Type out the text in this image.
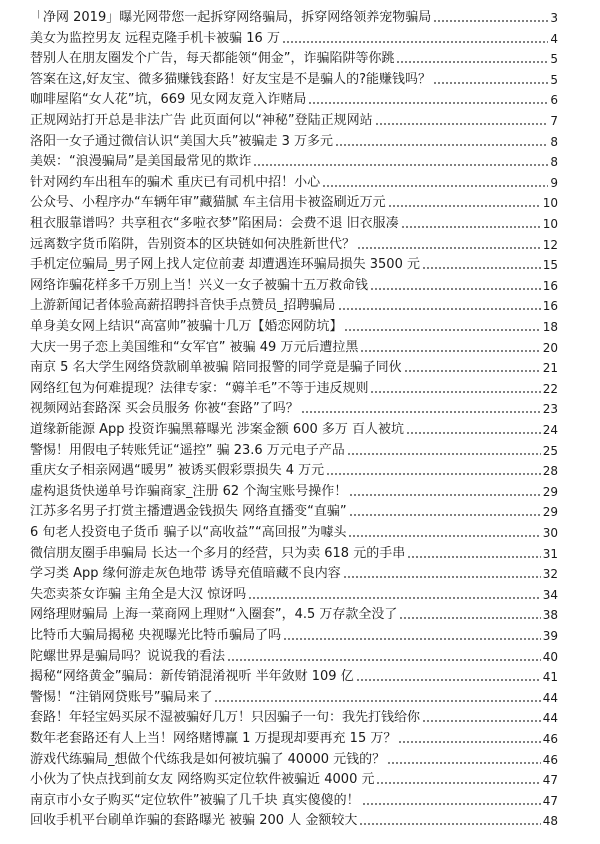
「净网 2019」曝光网带您一起拆穿网络骗局，拆穿网络领养宠物骗局	3
美女为监控男友 远程克隆手机卡被骗 16 万	4
替别人在朋友圈发个广告，每天都能领“佣金”，诈骗陷阱等你跳	5
答案在这,好友宝、微多猫赚钱套路！好友宝是不是骗人的?能赚钱吗？	5
咖啡屋陷“女人花”坑，669 见女网友竟入诈赌局	6
正规网站打开总是非法广告 此页面何以“神秘”登陆正规网站	7
洛阳一女子通过微信认识“美国大兵”被骗走 3 万多元	8
美娱：“浪漫骗局”是美国最常见的欺诈	8
针对网约车出租车的骗术 重庆已有司机中招！小心	9
公众号、小程序办“车辆年审”藏猫腻 车主信用卡被盗刷近万元	10
租衣服靠谱吗？共享租衣“多啦衣梦”陷困局：会费不退 旧衣服凑	10
远离数字货币陷阱，告别资本的区块链如何决胜新世代？	12
手机定位骗局_男子网上找人定位前妻 却遭遇连环骗局损失 3500 元	15
网络诈骗花样多千万别上当！兴义一女子被骗十五万救命钱	16
上游新闻记者体验高薪招聘抖音快手点赞员_招聘骗局	16
单身美女网上结识“高富帅”被骗十几万【婚恋网防坑】	18
大庆一男子恋上美国维和“女军官” 被骗 49 万元后遭拉黑	20
南京 5 名大学生网络贷款刷单被骗 陪同报警的同学竟是骗子同伙	21
网络红包为何难提现？法律专家：“薅羊毛”不等于违反规则	22
视频网站套路深 买会员服务 你被“套路”了吗？	23
道缘新能源 App 投资诈骗黑幕曝光 涉案金额 600 多万 百人被坑	24
警惕！用假电子转账凭证“遥控” 骗 23.6 万元电子产品	25
重庆女子相亲网遇“暖男” 被诱买假彩票损失 4 万元	28
虚构退货快递单号诈骗商家_注册 62 个淘宝账号操作！	29
江苏多名男子打赏主播遭遇金钱损失 网络直播变“直骗”	29
6 旬老人投资电子货币 骗子以“高收益”“高回报”为噱头	30
微信朋友圈手串骗局 长达一个多月的经营，只为卖 618 元的手串	31
学习类 App 缘何游走灰色地带 诱导充值暗藏不良内容	32
失恋卖茶女诈骗 主角全是大汉 惊讶吗	34
网络理财骗局 上海一菜商网上理财“入圈套”，4.5 万存款全没了	38
比特币大骗局揭秘 央视曝光比特币骗局了吗	39
陀螺世界是骗局吗？说说我的看法	40
揭秘“网络黄金”骗局：新传销混淆视听 半年敛财 109 亿	41
警惕！“注销网贷账号”骗局来了	44
套路！年轻宝妈买尿不湿被骗好几万！只因骗子一句：我先打钱给你	44
数年老套路还有人上当！网络赌博赢 1 万提现却要再充 15 万？	46
游戏代练骗局_想做个代练我是如何被坑骗了 40000 元钱的？	46
小伙为了快点找到前女友 网络购买定位软件被骗近 4000 元	47
南京市小女子购买“定位软件”被骗了几千块 真实傻傻的！	47
回收手机平台刷单诈骗的套路曝光 被骗 200 人 金额较大	48
